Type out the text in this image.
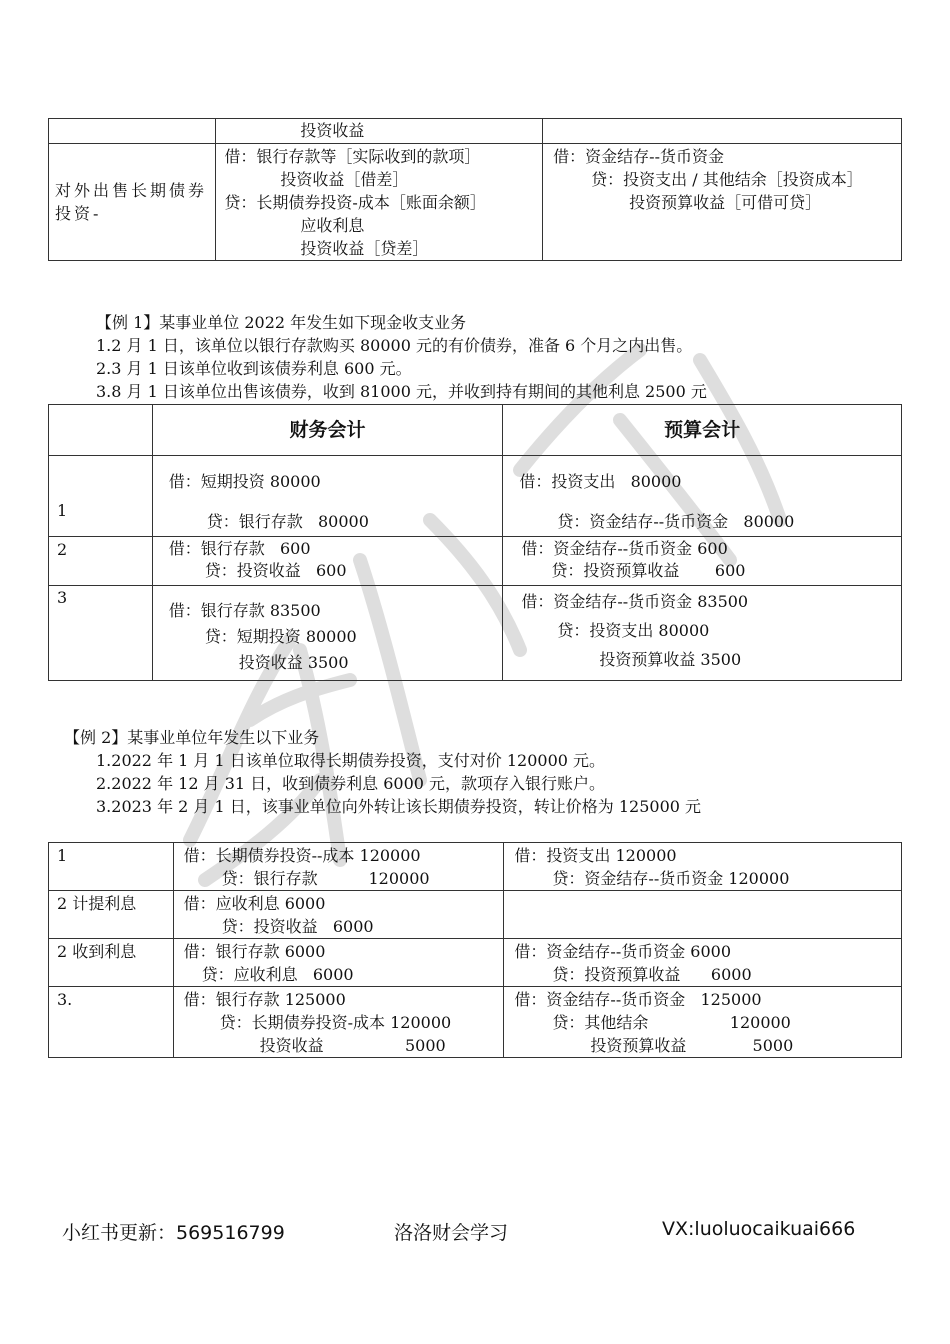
	投资收益	

对外出售长期债券投资-	借：银行存款等［实际收到的款项］
投资收益［借差］
贷：长期债券投资-成本［账面余额］
应收利息
投资收益［贷差］	借：资金结存--货币资金
贷：投资支出 / 其他结余［投资成本］
投资预算收益［可借可贷］
【例 1】某事业单位 2022 年发生如下现金收支业务
1.2 月 1 日，该单位以银行存款购买 80000 元的有价债券，准备 6 个月之内出售。
2.3 月 1 日该单位收到该债券利息 600 元。
3.8 月 1 日该单位出售该债券，收到 81000 元，并收到持有期间的其他利息 2500 元
	财务会计	预算会计
1	借：短期投资 80000
贷：银行存款   80000	借：投资支出   80000
贷：资金结存--货币资金   80000

2	借：银行存款   600
贷：投资收益   600	借：资金结存--货币资金 600
贷：投资预算收益       600

3	借：银行存款 83500
贷：短期投资 80000
投资收益 3500	借：资金结存--货币资金 83500
贷：投资支出 80000
投资预算收益 3500
【例 2】某事业单位年发生以下业务
1.2022 年 1 月 1 日该单位取得长期债券投资，支付对价 120000 元。
2.2022 年 12 月 31 日，收到债券利息 6000 元，款项存入银行账户。
3.2023 年 2 月 1 日，该事业单位向外转让该长期债券投资，转让价格为 125000 元
1	借：长期债券投资--成本 120000
贷：银行存款          120000	借：投资支出 120000
贷：资金结存--货币资金 120000

2 计提利息	借：应收利息 6000
贷：投资收益   6000	

2 收到利息	借：银行存款 6000
贷：应收利息   6000	借：资金结存--货币资金 6000
贷：投资预算收益      6000

3.	借：银行存款 125000
贷：长期债券投资-成本 120000
投资收益                5000	借：资金结存--货币资金   125000
贷：其他结余                120000
投资预算收益             5000
小红书更新：569516799	洛洛财会学习	VX:luoluocaikuai666
